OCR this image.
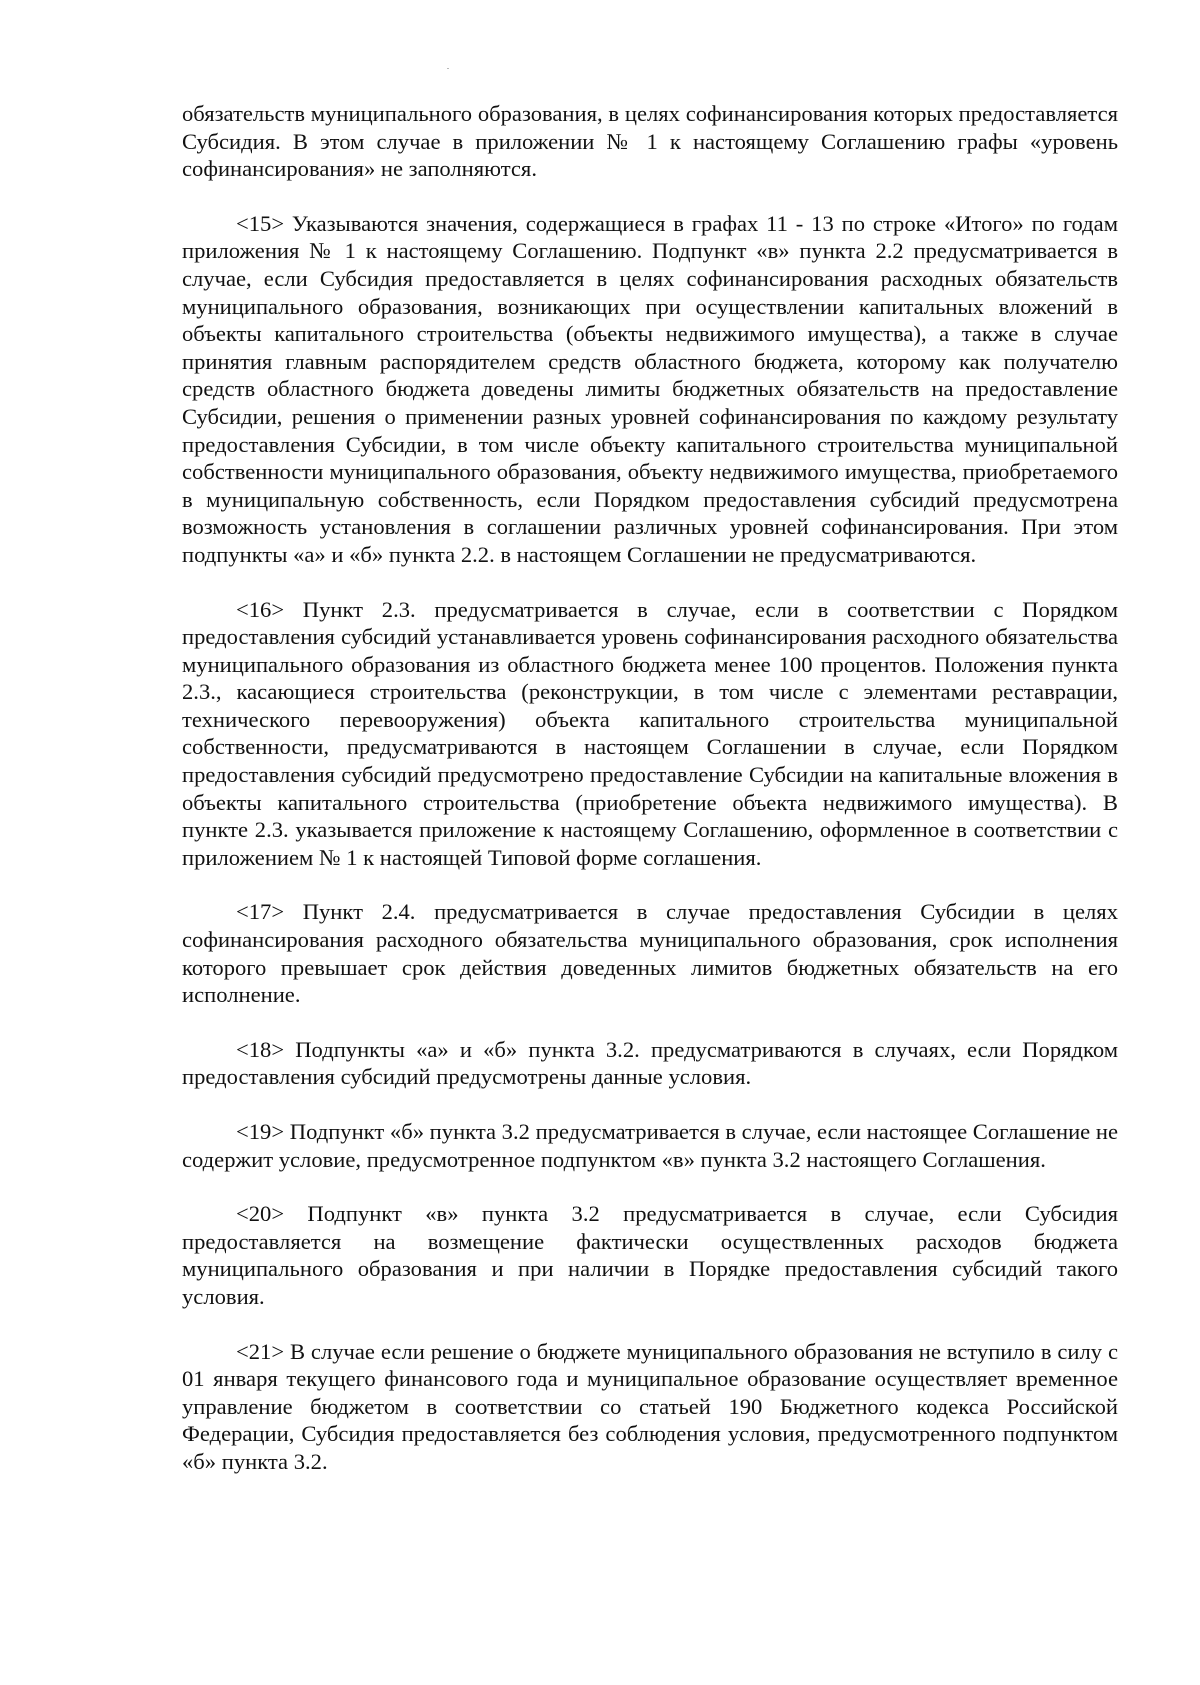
обязательств муниципального образования, в целях софинансирования которых предоставляется Субсидия. В этом случае в приложении № 1 к настоящему Соглашению графы «уровень софинансирования» не заполняются.

<15> Указываются значения, содержащиеся в графах 11 - 13 по строке «Итого» по годам приложения № 1 к настоящему Соглашению. Подпункт «в» пункта 2.2 предусматривается в случае, если Субсидия предоставляется в целях софинансирования расходных обязательств муниципального образования, возникающих при осуществлении капитальных вложений в объекты капитального строительства (объекты недвижимого имущества), а также в случае принятия главным распорядителем средств областного бюджета, которому как получателю средств областного бюджета доведены лимиты бюджетных обязательств на предоставление Субсидии, решения о применении разных уровней софинансирования по каждому результату предоставления Субсидии, в том числе объекту капитального строительства муниципальной собственности муниципального образования, объекту недвижимого имущества, приобретаемого в муниципальную собственность, если Порядком предоставления субсидий предусмотрена возможность установления в соглашении различных уровней софинансирования. При этом подпункты «а» и «б» пункта 2.2. в настоящем Соглашении не предусматриваются.

<16> Пункт 2.3. предусматривается в случае, если в соответствии с Порядком предоставления субсидий устанавливается уровень софинансирования расходного обязательства муниципального образования из областного бюджета менее 100 процентов. Положения пункта 2.3., касающиеся строительства (реконструкции, в том числе с элементами реставрации, технического перевооружения) объекта капитального строительства муниципальной собственности, предусматриваются в настоящем Соглашении в случае, если Порядком предоставления субсидий предусмотрено предоставление Субсидии на капитальные вложения в объекты капитального строительства (приобретение объекта недвижимого имущества). В пункте 2.3. указывается приложение к настоящему Соглашению, оформленное в соответствии с приложением № 1 к настоящей Типовой форме соглашения.

<17> Пункт 2.4. предусматривается в случае предоставления Субсидии в целях софинансирования расходного обязательства муниципального образования, срок исполнения которого превышает срок действия доведенных лимитов бюджетных обязательств на его исполнение.

<18> Подпункты «а» и «б» пункта 3.2. предусматриваются в случаях, если Порядком предоставления субсидий предусмотрены данные условия.

<19> Подпункт «б» пункта 3.2 предусматривается в случае, если настоящее Соглашение не содержит условие, предусмотренное подпунктом «в» пункта 3.2 настоящего Соглашения.

<20> Подпункт «в» пункта 3.2 предусматривается в случае, если Субсидия предоставляется на возмещение фактически осуществленных расходов бюджета муниципального образования и при наличии в Порядке предоставления субсидий такого условия.

<21> В случае если решение о бюджете муниципального образования не вступило в силу с 01 января текущего финансового года и муниципальное образование осуществляет временное управление бюджетом в соответствии со статьей 190 Бюджетного кодекса Российской Федерации, Субсидия предоставляется без соблюдения условия, предусмотренного подпунктом «б» пункта 3.2.
